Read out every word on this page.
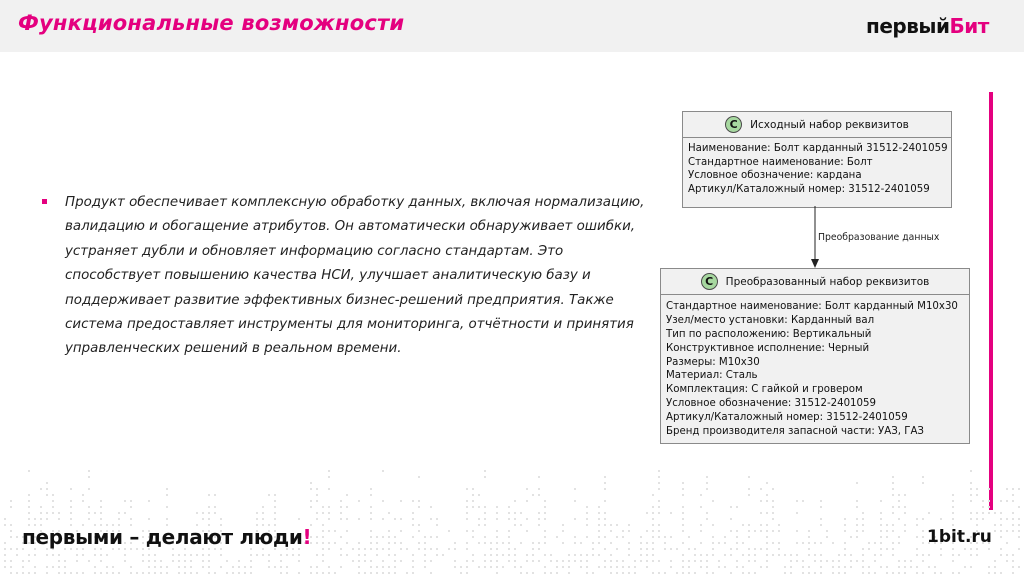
Функциональные возможности	первыйБит

Продукт обеспечивает комплексную обработку данных, включая нормализацию, валидацию и обогащение атрибутов. Он автоматически обнаруживает ошибки, устраняет дубли и обновляет информацию согласно стандартам. Это способствует повышению качества НСИ, улучшает аналитическую базу и поддерживает развитие эффективных бизнес-решений предприятия. Также система предоставляет инструменты для мониторинга, отчётности и принятия управленческих решений в реальном времени.

C	Исходный набор реквизитов
Наименование: Болт карданный 31512-2401059
Стандартное наименование: Болт
Условное обозначение: кардана
Артикул/Каталожный номер: 31512-2401059
Преобразование данных
C	Преобразованный набор реквизитов
Стандартное наименование: Болт карданный М10х30
Узел/место установки: Карданный вал
Тип по расположению: Вертикальный
Конструктивное исполнение: Черный
Размеры: М10х30
Материал: Сталь
Комплектация: С гайкой и гровером
Условное обозначение: 31512-2401059
Артикул/Каталожный номер: 31512-2401059
Бренд производителя запасной части: УАЗ, ГАЗ
первыми – делают люди!	1bit.ru
